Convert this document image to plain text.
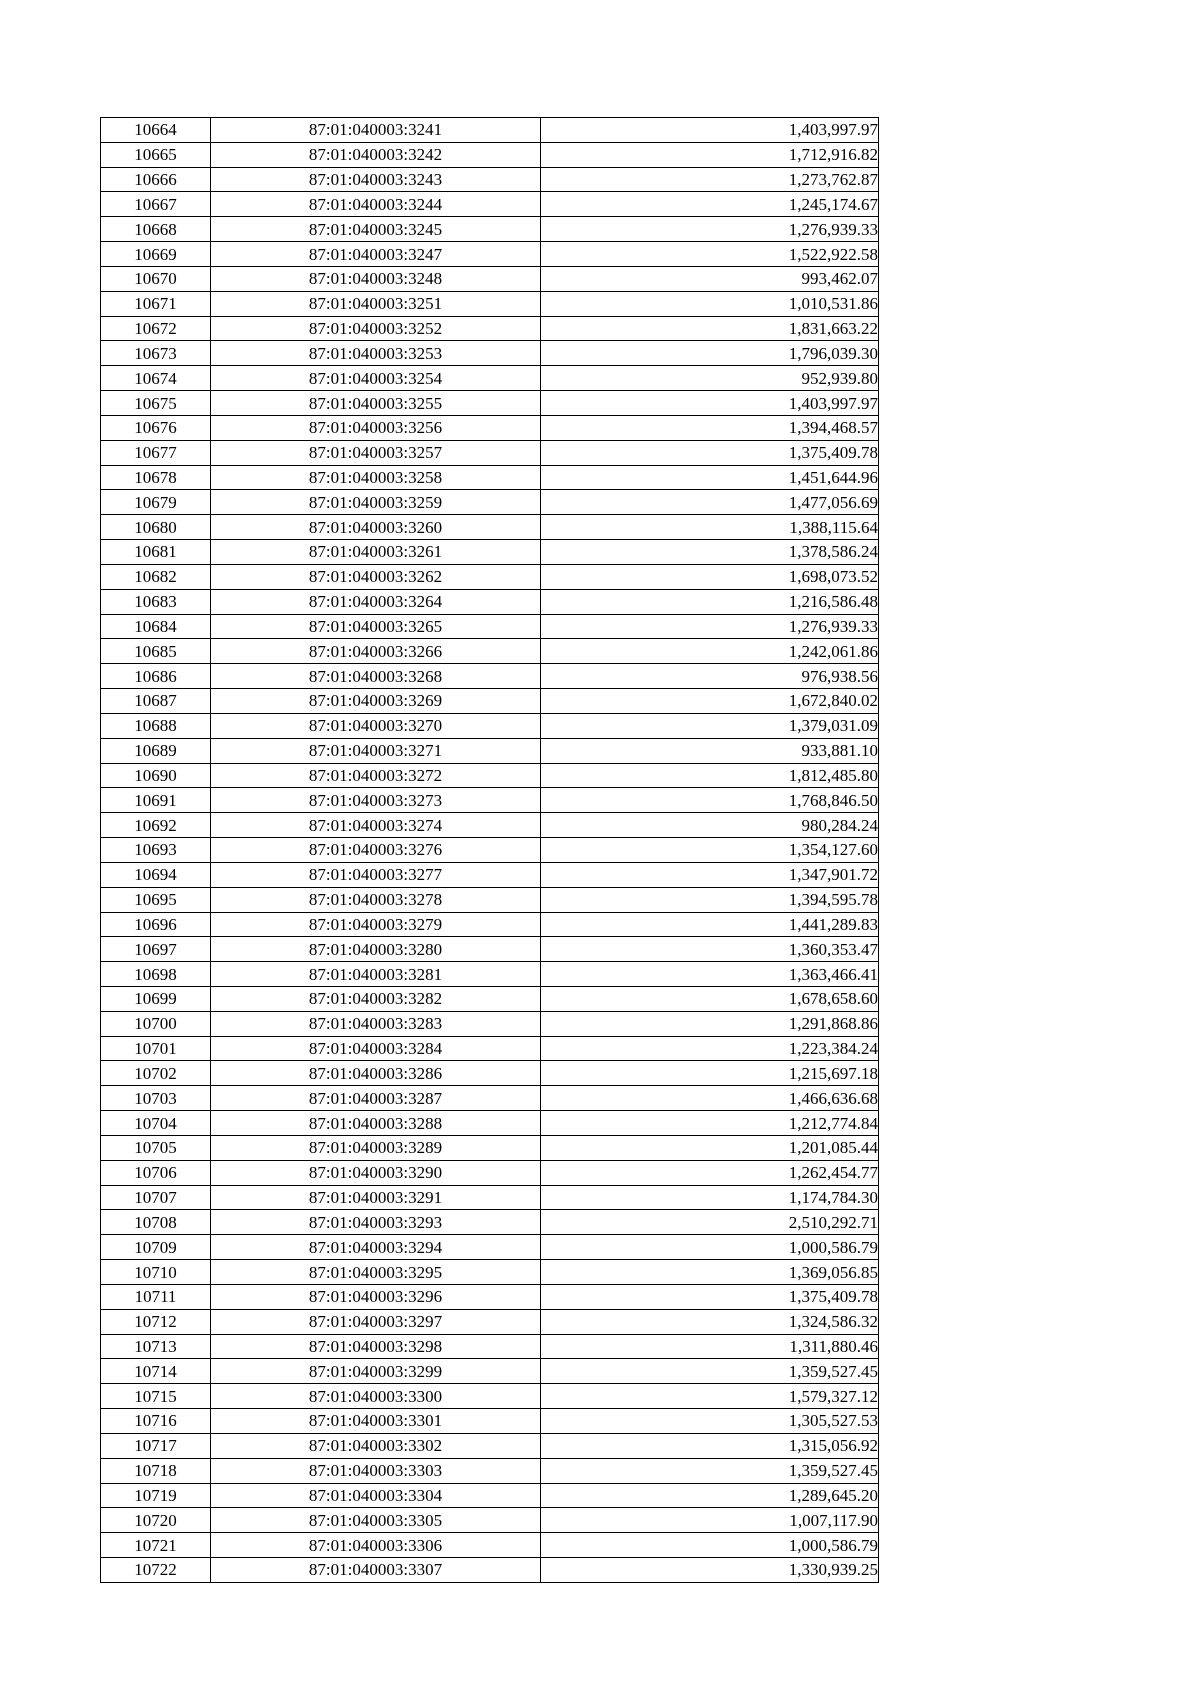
10664	87:01:040003:3241	1,403,997.97
10665	87:01:040003:3242	1,712,916.82
10666	87:01:040003:3243	1,273,762.87
10667	87:01:040003:3244	1,245,174.67
10668	87:01:040003:3245	1,276,939.33
10669	87:01:040003:3247	1,522,922.58
10670	87:01:040003:3248	993,462.07
10671	87:01:040003:3251	1,010,531.86
10672	87:01:040003:3252	1,831,663.22
10673	87:01:040003:3253	1,796,039.30
10674	87:01:040003:3254	952,939.80
10675	87:01:040003:3255	1,403,997.97
10676	87:01:040003:3256	1,394,468.57
10677	87:01:040003:3257	1,375,409.78
10678	87:01:040003:3258	1,451,644.96
10679	87:01:040003:3259	1,477,056.69
10680	87:01:040003:3260	1,388,115.64
10681	87:01:040003:3261	1,378,586.24
10682	87:01:040003:3262	1,698,073.52
10683	87:01:040003:3264	1,216,586.48
10684	87:01:040003:3265	1,276,939.33
10685	87:01:040003:3266	1,242,061.86
10686	87:01:040003:3268	976,938.56
10687	87:01:040003:3269	1,672,840.02
10688	87:01:040003:3270	1,379,031.09
10689	87:01:040003:3271	933,881.10
10690	87:01:040003:3272	1,812,485.80
10691	87:01:040003:3273	1,768,846.50
10692	87:01:040003:3274	980,284.24
10693	87:01:040003:3276	1,354,127.60
10694	87:01:040003:3277	1,347,901.72
10695	87:01:040003:3278	1,394,595.78
10696	87:01:040003:3279	1,441,289.83
10697	87:01:040003:3280	1,360,353.47
10698	87:01:040003:3281	1,363,466.41
10699	87:01:040003:3282	1,678,658.60
10700	87:01:040003:3283	1,291,868.86
10701	87:01:040003:3284	1,223,384.24
10702	87:01:040003:3286	1,215,697.18
10703	87:01:040003:3287	1,466,636.68
10704	87:01:040003:3288	1,212,774.84
10705	87:01:040003:3289	1,201,085.44
10706	87:01:040003:3290	1,262,454.77
10707	87:01:040003:3291	1,174,784.30
10708	87:01:040003:3293	2,510,292.71
10709	87:01:040003:3294	1,000,586.79
10710	87:01:040003:3295	1,369,056.85
10711	87:01:040003:3296	1,375,409.78
10712	87:01:040003:3297	1,324,586.32
10713	87:01:040003:3298	1,311,880.46
10714	87:01:040003:3299	1,359,527.45
10715	87:01:040003:3300	1,579,327.12
10716	87:01:040003:3301	1,305,527.53
10717	87:01:040003:3302	1,315,056.92
10718	87:01:040003:3303	1,359,527.45
10719	87:01:040003:3304	1,289,645.20
10720	87:01:040003:3305	1,007,117.90
10721	87:01:040003:3306	1,000,586.79
10722	87:01:040003:3307	1,330,939.25
